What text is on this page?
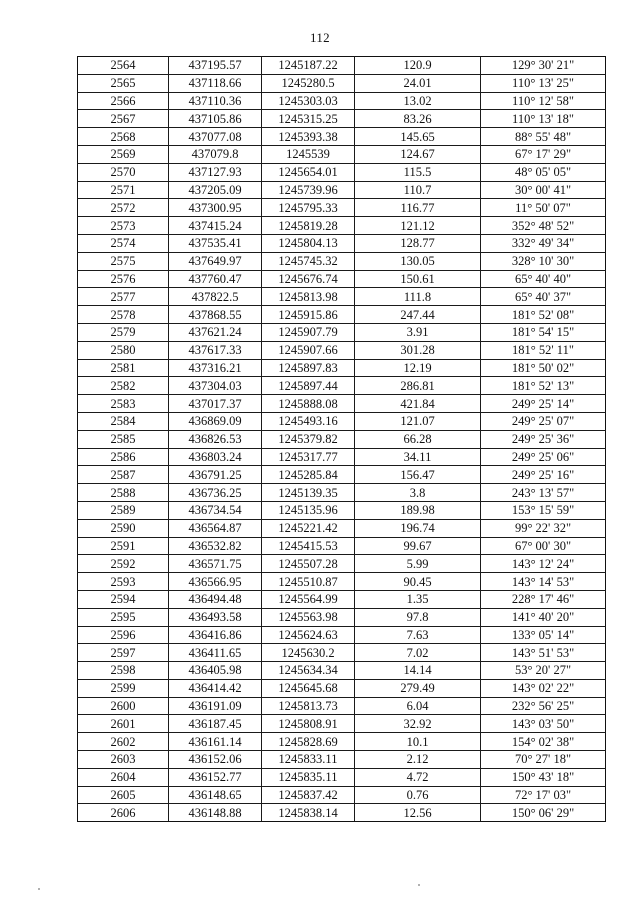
112
2564	437195.57	1245187.22	120.9	129° 30' 21"
2565	437118.66	1245280.5	24.01	110° 13' 25"
2566	437110.36	1245303.03	13.02	110° 12' 58"
2567	437105.86	1245315.25	83.26	110° 13' 18"
2568	437077.08	1245393.38	145.65	88° 55' 48"
2569	437079.8	1245539	124.67	67° 17' 29"
2570	437127.93	1245654.01	115.5	48° 05' 05"
2571	437205.09	1245739.96	110.7	30° 00' 41"
2572	437300.95	1245795.33	116.77	11° 50' 07"
2573	437415.24	1245819.28	121.12	352° 48' 52"
2574	437535.41	1245804.13	128.77	332° 49' 34"
2575	437649.97	1245745.32	130.05	328° 10' 30"
2576	437760.47	1245676.74	150.61	65° 40' 40"
2577	437822.5	1245813.98	111.8	65° 40' 37"
2578	437868.55	1245915.86	247.44	181° 52' 08"
2579	437621.24	1245907.79	3.91	181° 54' 15"
2580	437617.33	1245907.66	301.28	181° 52' 11"
2581	437316.21	1245897.83	12.19	181° 50' 02"
2582	437304.03	1245897.44	286.81	181° 52' 13"
2583	437017.37	1245888.08	421.84	249° 25' 14"
2584	436869.09	1245493.16	121.07	249° 25' 07"
2585	436826.53	1245379.82	66.28	249° 25' 36"
2586	436803.24	1245317.77	34.11	249° 25' 06"
2587	436791.25	1245285.84	156.47	249° 25' 16"
2588	436736.25	1245139.35	3.8	243° 13' 57"
2589	436734.54	1245135.96	189.98	153° 15' 59"
2590	436564.87	1245221.42	196.74	99° 22' 32"
2591	436532.82	1245415.53	99.67	67° 00' 30"
2592	436571.75	1245507.28	5.99	143° 12' 24"
2593	436566.95	1245510.87	90.45	143° 14' 53"
2594	436494.48	1245564.99	1.35	228° 17' 46"
2595	436493.58	1245563.98	97.8	141° 40' 20"
2596	436416.86	1245624.63	7.63	133° 05' 14"
2597	436411.65	1245630.2	7.02	143° 51' 53"
2598	436405.98	1245634.34	14.14	53° 20' 27"
2599	436414.42	1245645.68	279.49	143° 02' 22"
2600	436191.09	1245813.73	6.04	232° 56' 25"
2601	436187.45	1245808.91	32.92	143° 03' 50"
2602	436161.14	1245828.69	10.1	154° 02' 38"
2603	436152.06	1245833.11	2.12	70° 27' 18"
2604	436152.77	1245835.11	4.72	150° 43' 18"
2605	436148.65	1245837.42	0.76	72° 17' 03"
2606	436148.88	1245838.14	12.56	150° 06' 29"
